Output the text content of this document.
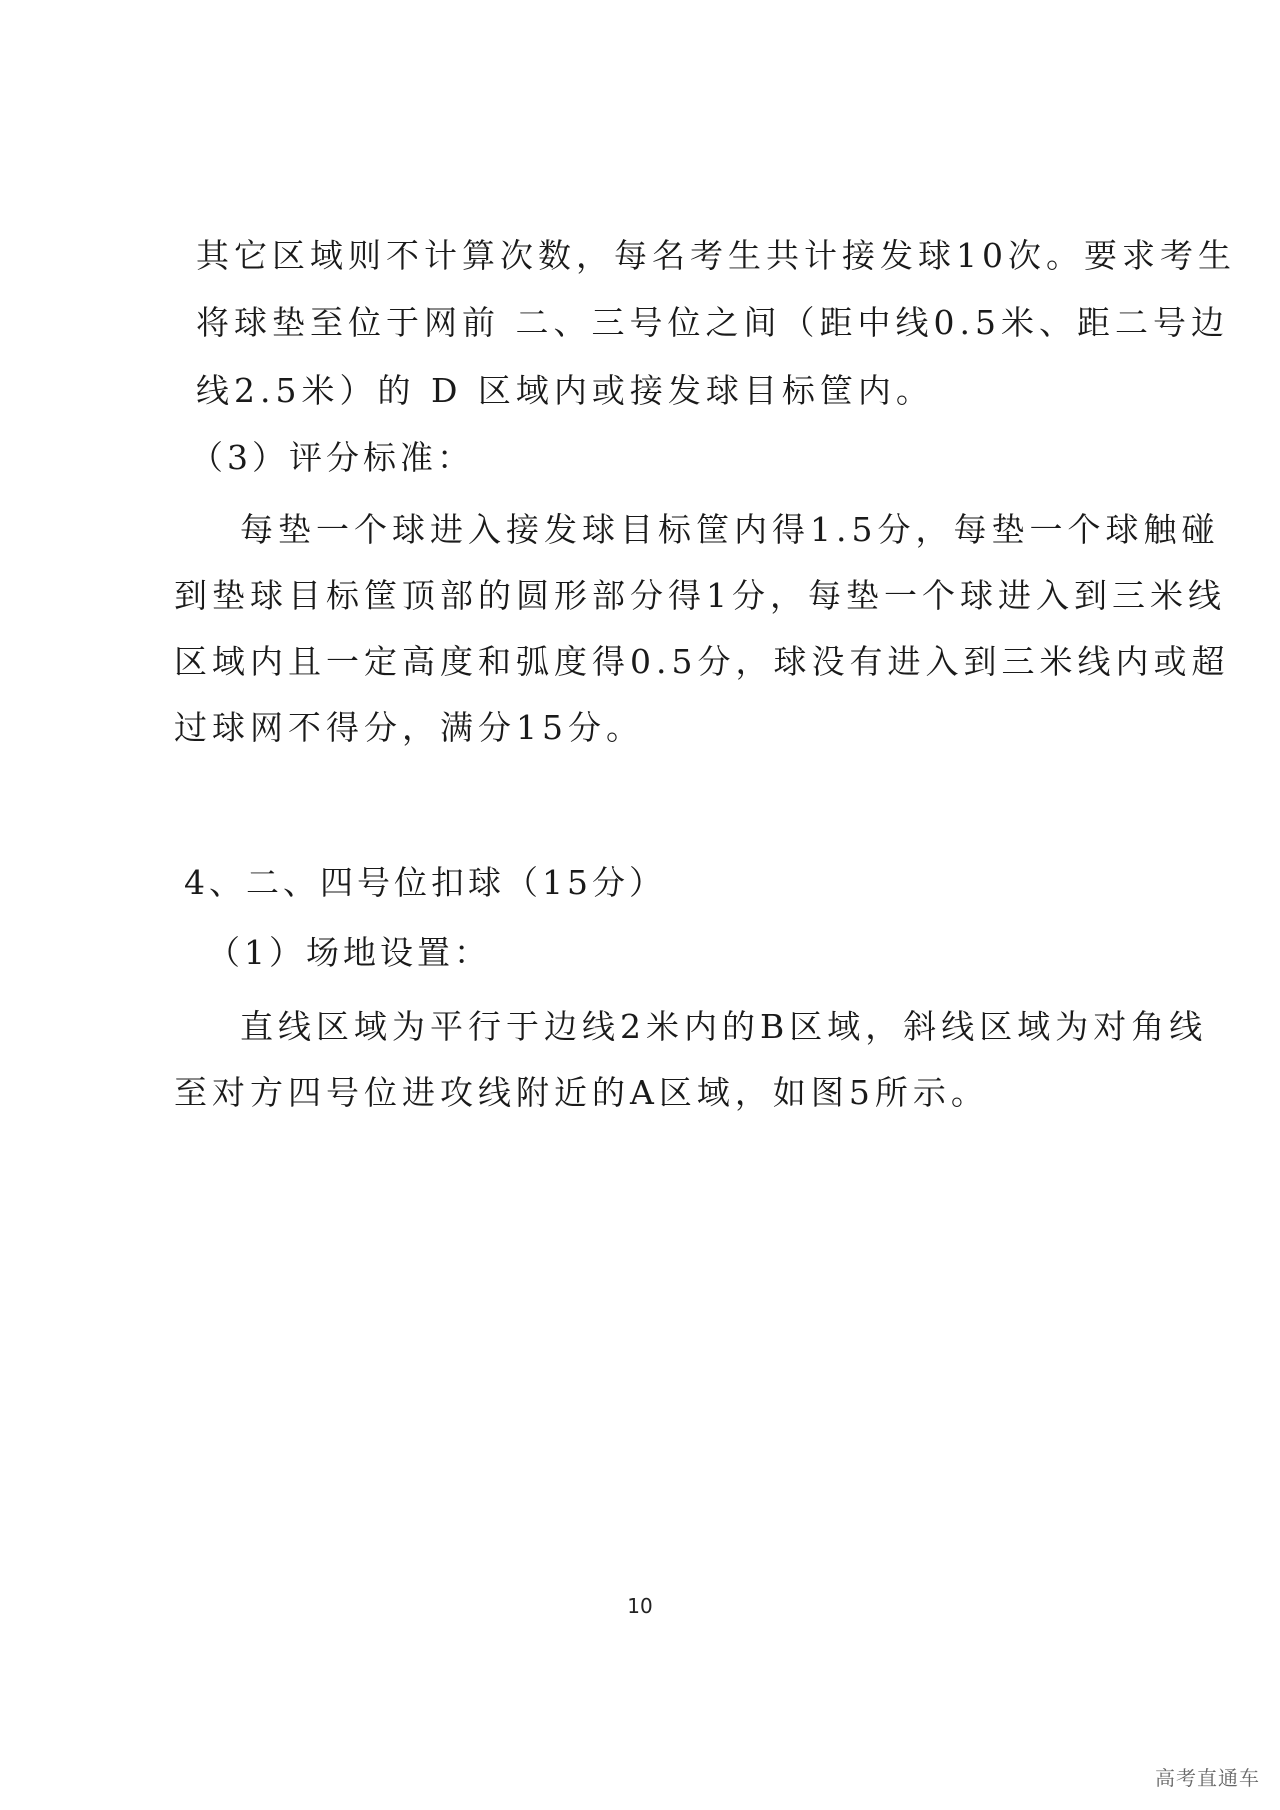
其它区域则不计算次数，每名考生共计接发球10次。要求考生
将球垫至位于网前 二、三号位之间（距中线0.5米、距二号边
线2.5米）的 D 区域内或接发球目标筐内。
（3）评分标准：
每垫一个球进入接发球目标筐内得1.5分，每垫一个球触碰
到垫球目标筐顶部的圆形部分得1分，每垫一个球进入到三米线
区域内且一定高度和弧度得0.5分，球没有进入到三米线内或超
过球网不得分，满分15分。
4、二、四号位扣球（15分）
（1）场地设置：
直线区域为平行于边线2米内的B区域，斜线区域为对角线
至对方四号位进攻线附近的A区域，如图5所示。
10
高考直通车
